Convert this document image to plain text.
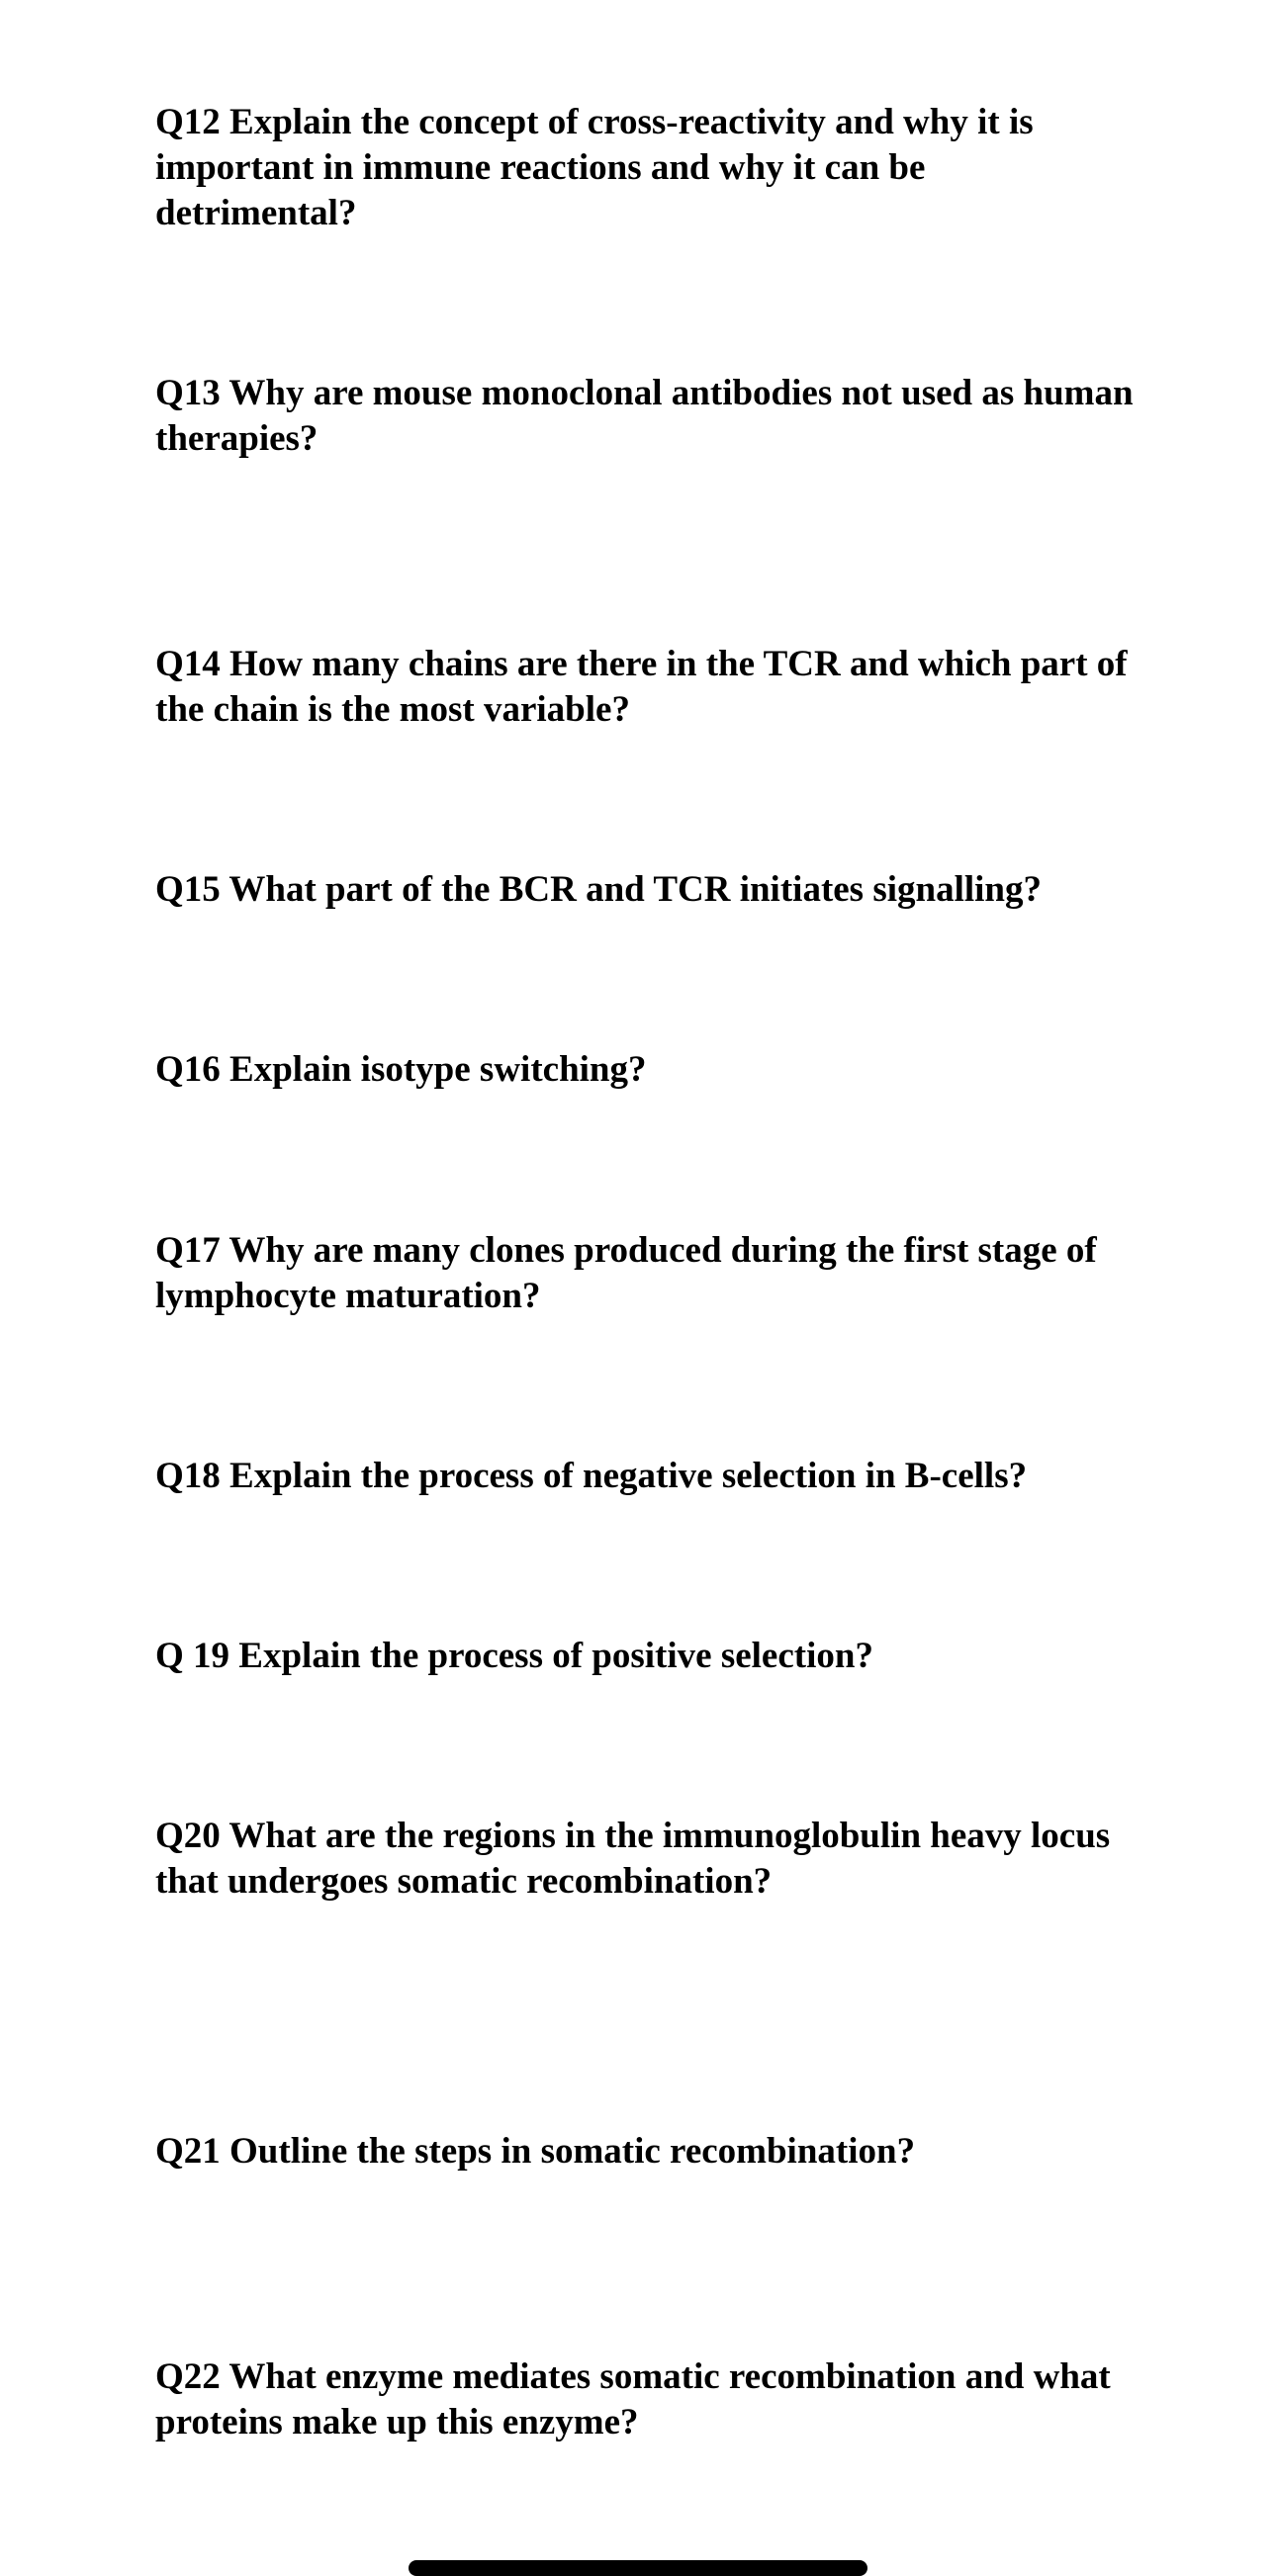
Q12 Explain the concept of cross-reactivity and why it is important in immune reactions and why it can be detrimental?

Q13 Why are mouse monoclonal antibodies not used as human therapies?

Q14 How many chains are there in the TCR and which part of the chain is the most variable?

Q15 What part of the BCR and TCR initiates signalling?

Q16 Explain isotype switching?

Q17 Why are many clones produced during the first stage of lymphocyte maturation?

Q18 Explain the process of negative selection in B-cells?

Q 19 Explain the process of positive selection?

Q20 What are the regions in the immunoglobulin heavy locus that undergoes somatic recombination?

Q21 Outline the steps in somatic recombination?

Q22 What enzyme mediates somatic recombination and what proteins make up this enzyme?
